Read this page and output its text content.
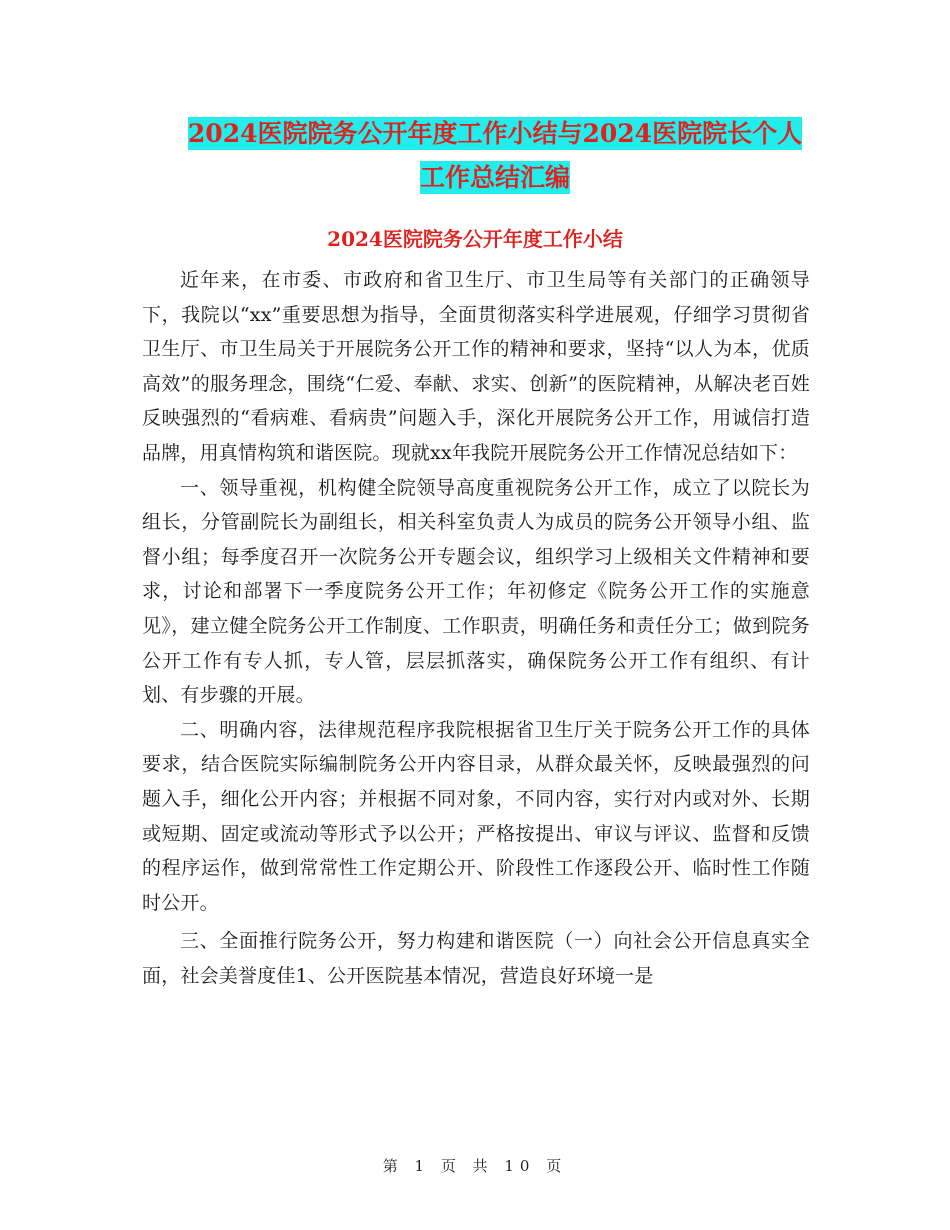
2024医院院务公开年度工作小结与2024医院院长个人
工作总结汇编
2024医院院务公开年度工作小结

近年来，在市委、市政府和省卫生厅、市卫生局等有关部门的正确领导下，我院以“xx”重要思想为指导，全面贯彻落实科学进展观，仔细学习贯彻省卫生厅、市卫生局关于开展院务公开工作的精神和要求，坚持“以人为本，优质高效”的服务理念，围绕“仁爱、奉献、求实、创新”的医院精神，从解决老百姓反映强烈的“看病难、看病贵”问题入手，深化开展院务公开工作，用诚信打造品牌，用真情构筑和谐医院。现就xx年我院开展院务公开工作情况总结如下：

一、领导重视，机构健全院领导高度重视院务公开工作，成立了以院长为组长，分管副院长为副组长，相关科室负责人为成员的院务公开领导小组、监督小组；每季度召开一次院务公开专题会议，组织学习上级相关文件精神和要求，讨论和部署下一季度院务公开工作；年初修定《院务公开工作的实施意见》，建立健全院务公开工作制度、工作职责，明确任务和责任分工；做到院务公开工作有专人抓，专人管，层层抓落实，确保院务公开工作有组织、有计划、有步骤的开展。

二、明确内容，法律规范程序我院根据省卫生厅关于院务公开工作的具体要求，结合医院实际编制院务公开内容目录，从群众最关怀，反映最强烈的问题入手，细化公开内容；并根据不同对象，不同内容，实行对内或对外、长期或短期、固定或流动等形式予以公开；严格按提出、审议与评议、监督和反馈的程序运作，做到常常性工作定期公开、阶段性工作逐段公开、临时性工作随时公开。

三、全面推行院务公开，努力构建和谐医院（一）向社会公开信息真实全面，社会美誉度佳1、公开医院基本情况，营造良好环境一是

第 1 页 共 10 页
